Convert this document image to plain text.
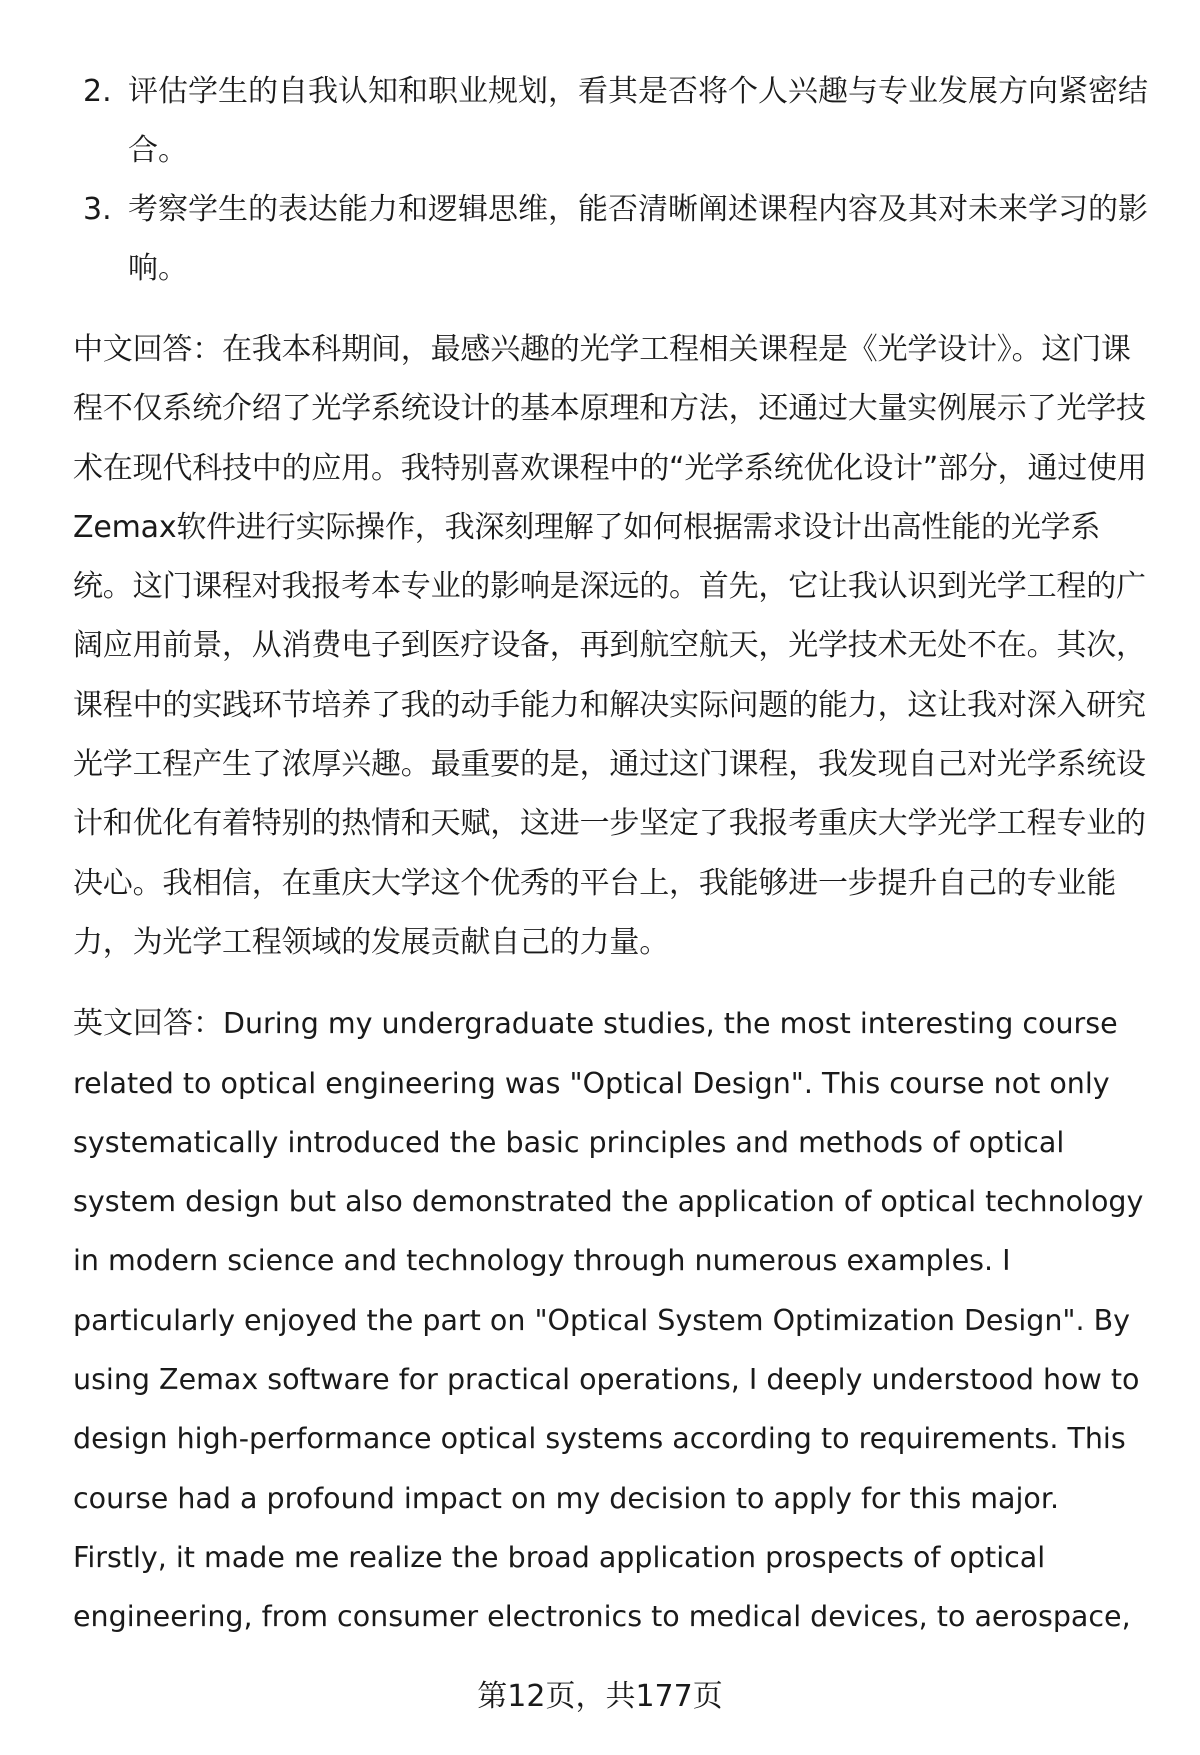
2. 评估学生的自我认知和职业规划，看其是否将个人兴趣与专业发展方向紧密结合。
3. 考察学生的表达能力和逻辑思维，能否清晰阐述课程内容及其对未来学习的影响。

中文回答：在我本科期间，最感兴趣的光学工程相关课程是《光学设计》。这门课程不仅系统介绍了光学系统设计的基本原理和方法，还通过大量实例展示了光学技术在现代科技中的应用。我特别喜欢课程中的“光学系统优化设计”部分，通过使用Zemax软件进行实际操作，我深刻理解了如何根据需求设计出高性能的光学系统。这门课程对我报考本专业的影响是深远的。首先，它让我认识到光学工程的广阔应用前景，从消费电子到医疗设备，再到航空航天，光学技术无处不在。其次，课程中的实践环节培养了我的动手能力和解决实际问题的能力，这让我对深入研究光学工程产生了浓厚兴趣。最重要的是，通过这门课程，我发现自己对光学系统设计和优化有着特别的热情和天赋，这进一步坚定了我报考重庆大学光学工程专业的决心。我相信，在重庆大学这个优秀的平台上，我能够进一步提升自己的专业能力，为光学工程领域的发展贡献自己的力量。

英文回答：During my undergraduate studies, the most interesting course related to optical engineering was "Optical Design". This course not only systematically introduced the basic principles and methods of optical system design but also demonstrated the application of optical technology in modern science and technology through numerous examples. I particularly enjoyed the part on "Optical System Optimization Design". By using Zemax software for practical operations, I deeply understood how to design high-performance optical systems according to requirements. This course had a profound impact on my decision to apply for this major. Firstly, it made me realize the broad application prospects of optical engineering, from consumer electronics to medical devices, to aerospace,

第12页，共177页
